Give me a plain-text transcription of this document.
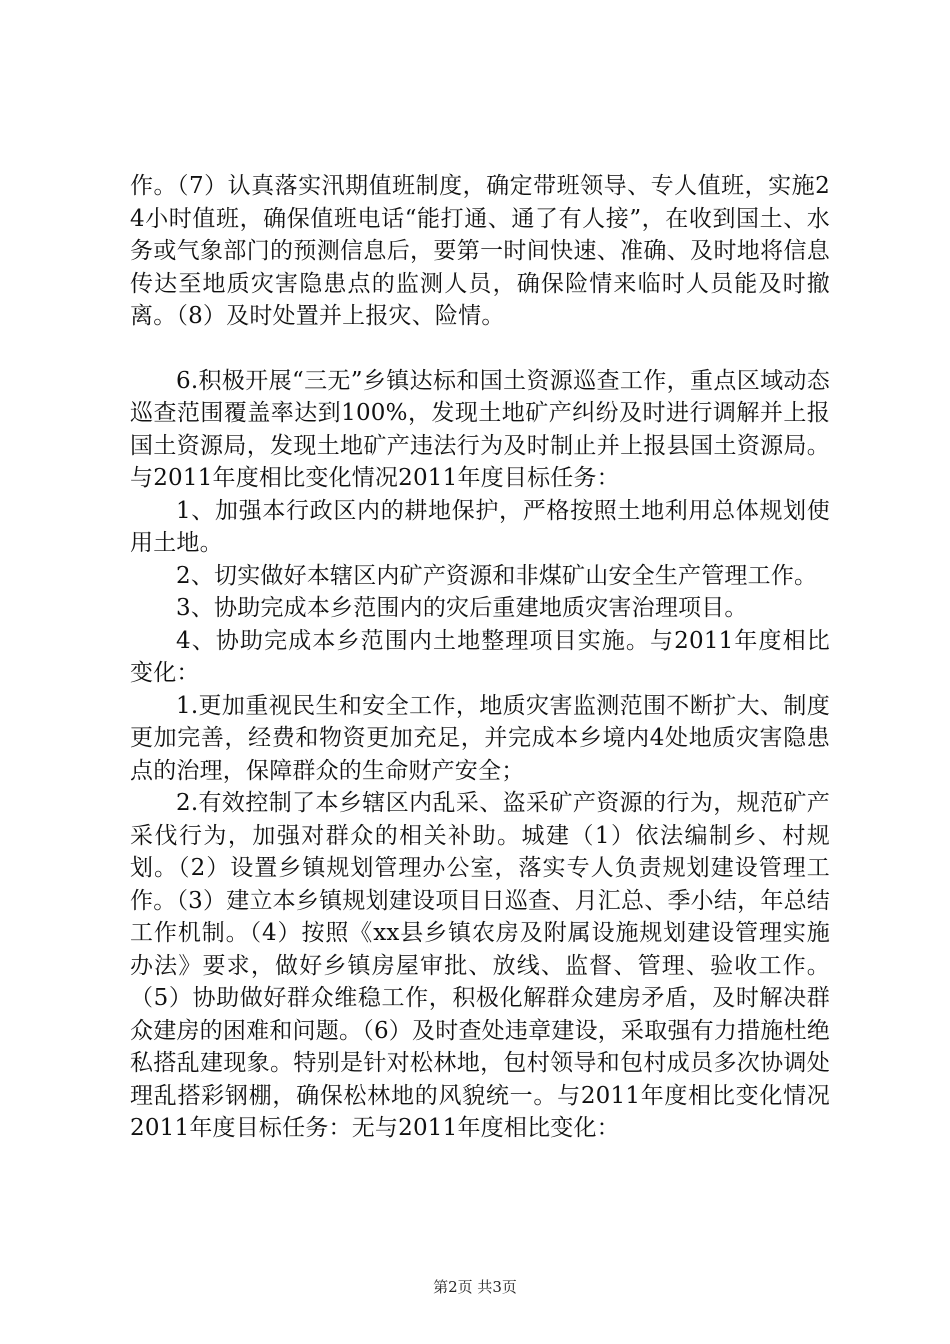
作。（7）认真落实汛期值班制度，确定带班领导、专人值班，实施24小时值班，确保值班电话“能打通、通了有人接”，在收到国土、水务或气象部门的预测信息后，要第一时间快速、准确、及时地将信息传达至地质灾害隐患点的监测人员，确保险情来临时人员能及时撤离。（8）及时处置并上报灾、险情。

6.积极开展“三无”乡镇达标和国土资源巡查工作，重点区域动态巡查范围覆盖率达到100%，发现土地矿产纠纷及时进行调解并上报国土资源局，发现土地矿产违法行为及时制止并上报县国土资源局。与2011年度相比变化情况2011年度目标任务：

1、加强本行政区内的耕地保护，严格按照土地利用总体规划使用土地。

2、切实做好本辖区内矿产资源和非煤矿山安全生产管理工作。

3、协助完成本乡范围内的灾后重建地质灾害治理项目。

4、协助完成本乡范围内土地整理项目实施。与2011年度相比变化：

1.更加重视民生和安全工作，地质灾害监测范围不断扩大、制度更加完善，经费和物资更加充足，并完成本乡境内4处地质灾害隐患点的治理，保障群众的生命财产安全；

2.有效控制了本乡辖区内乱采、盗采矿产资源的行为，规范矿产采伐行为，加强对群众的相关补助。城建（1）依法编制乡、村规划。（2）设置乡镇规划管理办公室，落实专人负责规划建设管理工作。（3）建立本乡镇规划建设项目日巡查、月汇总、季小结，年总结工作机制。（4）按照《xx县乡镇农房及附属设施规划建设管理实施办法》要求，做好乡镇房屋审批、放线、监督、管理、验收工作。（5）协助做好群众维稳工作，积极化解群众建房矛盾，及时解决群众建房的困难和问题。（6）及时查处违章建设，采取强有力措施杜绝私搭乱建现象。特别是针对松林地，包村领导和包村成员多次协调处理乱搭彩钢棚，确保松林地的风貌统一。与2011年度相比变化情况2011年度目标任务：无与2011年度相比变化：

第2页 共3页
